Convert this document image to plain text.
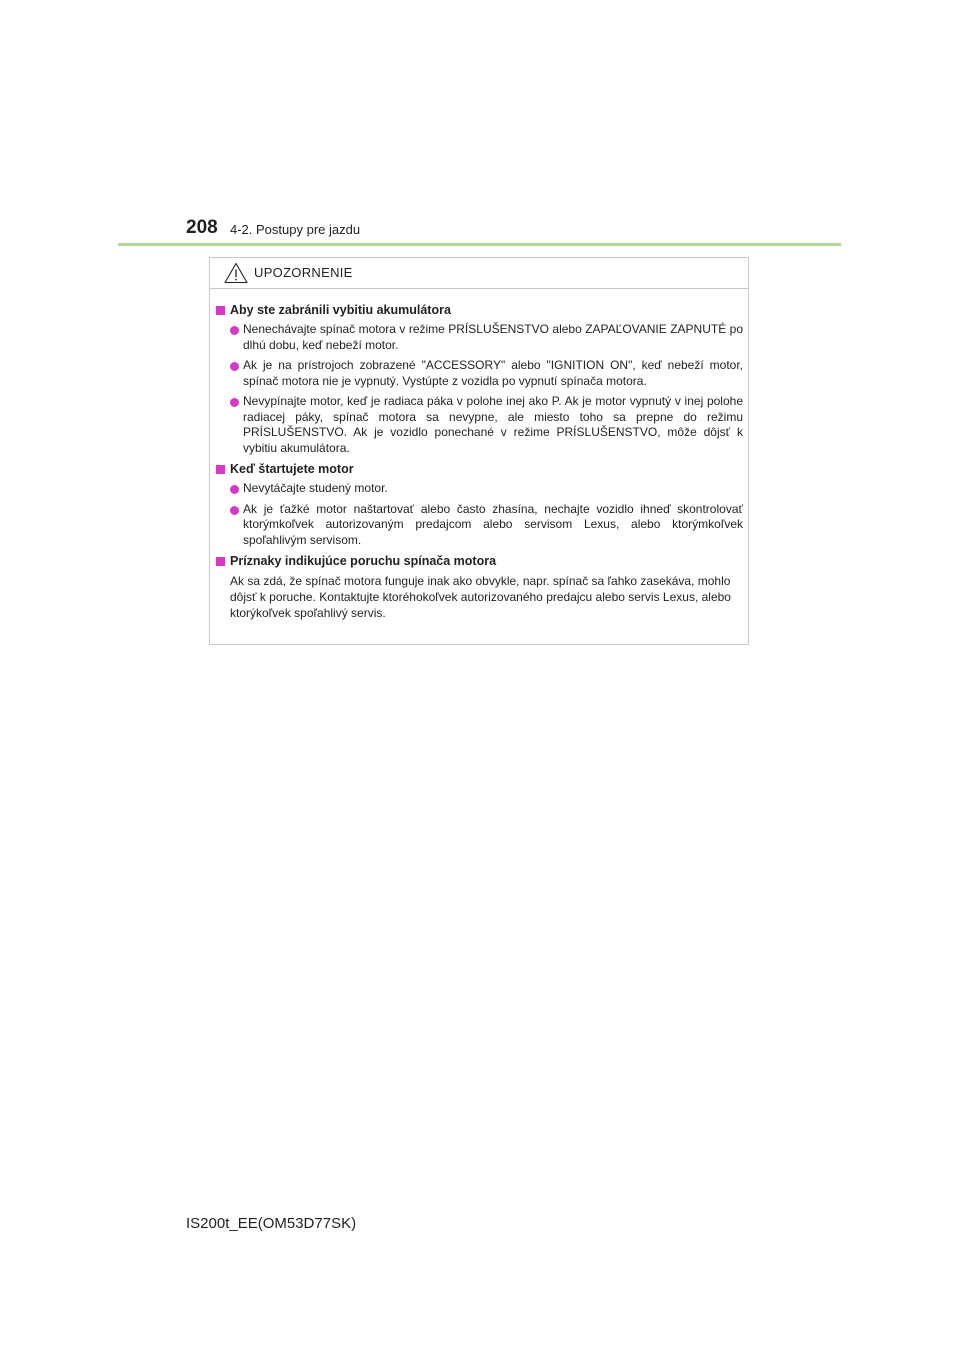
208 4-2. Postupy pre jazdu
UPOZORNENIE
Aby ste zabránili vybitiu akumulátora
Nenechávajte spínač motora v režime PRÍSLUŠENSTVO alebo ZAPAĽOVANIE ZAPNUTÉ po dlhú dobu, keď nebeží motor.
Ak je na prístrojoch zobrazené "ACCESSORY" alebo "IGNITION ON", keď nebeží motor, spínač motora nie je vypnutý. Vystúpte z vozidla po vypnutí spínača motora.
Nevypínajte motor, keď je radiaca páka v polohe inej ako P. Ak je motor vypnutý v inej polohe radiacej páky, spínač motora sa nevypne, ale miesto toho sa prepne do režimu PRÍSLUŠENSTVO. Ak je vozidlo ponechané v režime PRÍSLUŠENSTVO, môže dôjsť k vybitiu akumulátora.
Keď štartujete motor
Nevytáčajte studený motor.
Ak je ťažké motor naštartovať alebo často zhasína, nechajte vozidlo ihneď skontrolovať ktorýmkoľvek autorizovaným predajcom alebo servisom Lexus, alebo ktorýmkoľvek spoľahlivým servisom.
Príznaky indikujúce poruchu spínača motora
Ak sa zdá, že spínač motora funguje inak ako obvykle, napr. spínač sa ľahko zasekáva, mohlo dôjsť k poruche. Kontaktujte ktoréhokoľvek autorizovaného predajcu alebo servis Lexus, alebo ktorýkoľvek spoľahlivý servis.
IS200t_EE(OM53D77SK)
